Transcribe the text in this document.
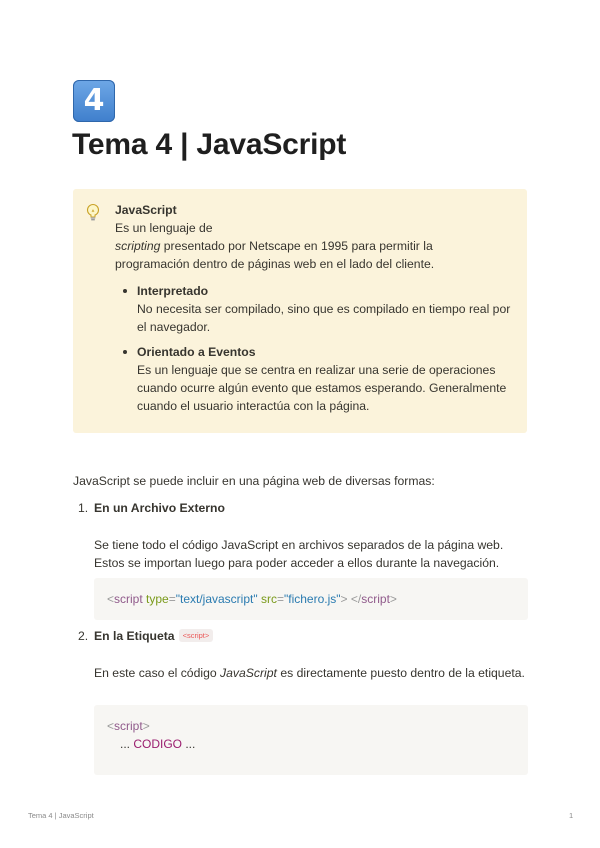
4
Tema 4 | JavaScript
JavaScript

Es un lenguaje de

scripting presentado por Netscape en 1995 para permitir la

programación dentro de páginas web en el lado del cliente.

Interpretado
No necesita ser compilado, sino que es compilado en tiempo real por el navegador.
Orientado a Eventos
Es un lenguaje que se centra en realizar una serie de operaciones cuando ocurre algún evento que estamos esperando. Generalmente cuando el usuario interactúa con la página.

JavaScript se puede incluir en una página web de diversas formas:

1. En un Archivo Externo

Se tiene todo el código JavaScript en archivos separados de la página web. Estos se importan luego para poder acceder a ellos durante la navegación.

<script type="text/javascript" src="fichero.js"> </script>
2. En la Etiqueta <script>

En este caso el código JavaScript es directamente puesto dentro de la etiqueta.

<script>
... CODIGO ...
Tema 4 | JavaScript	1
